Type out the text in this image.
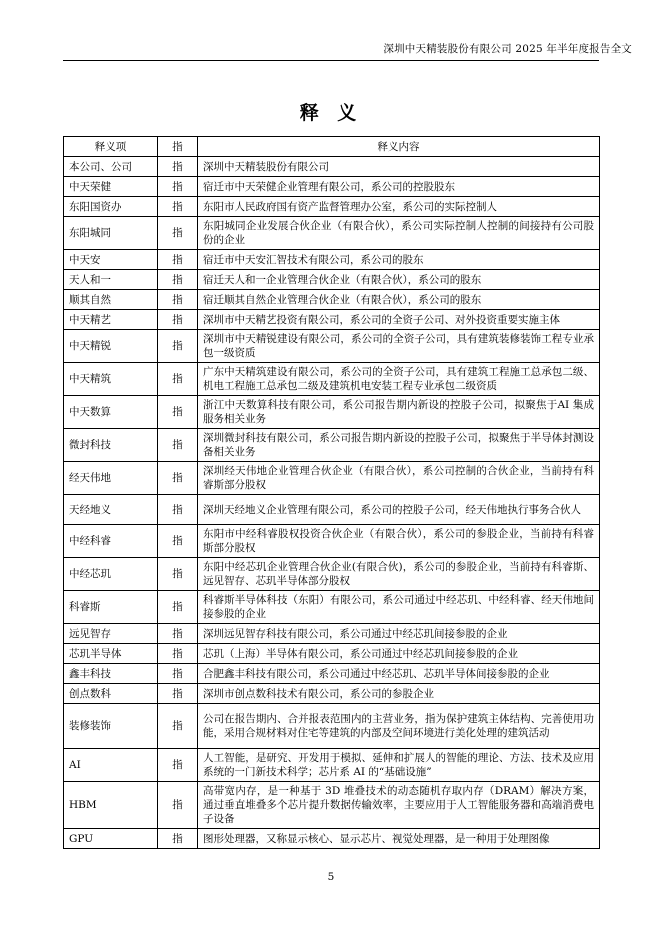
深圳中天精装股份有限公司 2025 年半年度报告全文
释 义
释义项	指	释义内容
本公司、公司	指	深圳中天精装股份有限公司
中天荣健	指	宿迁市中天荣健企业管理有限公司，系公司的控股股东
东阳国资办	指	东阳市人民政府国有资产监督管理办公室，系公司的实际控制人
东阳城同	指	东阳城同企业发展合伙企业（有限合伙），系公司实际控制人控制的间接持有公司股份的企业
中天安	指	宿迁市中天安汇智技术有限公司，系公司的股东
天人和一	指	宿迁天人和一企业管理合伙企业（有限合伙），系公司的股东
顺其自然	指	宿迁顺其自然企业管理合伙企业（有限合伙），系公司的股东
中天精艺	指	深圳市中天精艺投资有限公司，系公司的全资子公司、对外投资重要实施主体
中天精锐	指	深圳市中天精锐建设有限公司，系公司的全资子公司，具有建筑装修装饰工程专业承包一级资质
中天精筑	指	广东中天精筑建设有限公司，系公司的全资子公司，具有建筑工程施工总承包二级、机电工程施工总承包二级及建筑机电安装工程专业承包二级资质
中天数算	指	浙江中天数算科技有限公司，系公司报告期内新设的控股子公司，拟聚焦于AI 集成服务相关业务
微封科技	指	深圳微封科技有限公司，系公司报告期内新设的控股子公司，拟聚焦于半导体封测设备相关业务
经天伟地	指	深圳经天伟地企业管理合伙企业（有限合伙），系公司控制的合伙企业，当前持有科睿斯部分股权
天经地义	指	深圳天经地义企业管理有限公司，系公司的控股子公司，经天伟地执行事务合伙人
中经科睿	指	东阳市中经科睿股权投资合伙企业（有限合伙），系公司的参股企业，当前持有科睿斯部分股权
中经芯玑	指	东阳中经芯玑企业管理合伙企业(有限合伙)，系公司的参股企业，当前持有科睿斯、远见智存、芯玑半导体部分股权
科睿斯	指	科睿斯半导体科技（东阳）有限公司，系公司通过中经芯玑、中经科睿、经天伟地间接参股的企业
远见智存	指	深圳远见智存科技有限公司，系公司通过中经芯玑间接参股的企业
芯玑半导体	指	芯玑（上海）半导体有限公司，系公司通过中经芯玑间接参股的企业
鑫丰科技	指	合肥鑫丰科技有限公司，系公司通过中经芯玑、芯玑半导体间接参股的企业
创点数科	指	深圳市创点数科技术有限公司，系公司的参股企业
装修装饰	指	公司在报告期内、合并报表范围内的主营业务，指为保护建筑主体结构、完善使用功能，采用合规材料对住宅等建筑的内部及空间环境进行美化处理的建筑活动
AI	指	人工智能，是研究、开发用于模拟、延伸和扩展人的智能的理论、方法、技术及应用系统的一门新技术科学；芯片系 AI 的“基础设施”
HBM	指	高带宽内存，是一种基于 3D 堆叠技术的动态随机存取内存（DRAM）解决方案，通过垂直堆叠多个芯片提升数据传输效率，主要应用于人工智能服务器和高端消费电子设备
GPU	指	图形处理器，又称显示核心、显示芯片、视觉处理器，是一种用于处理图像
5
